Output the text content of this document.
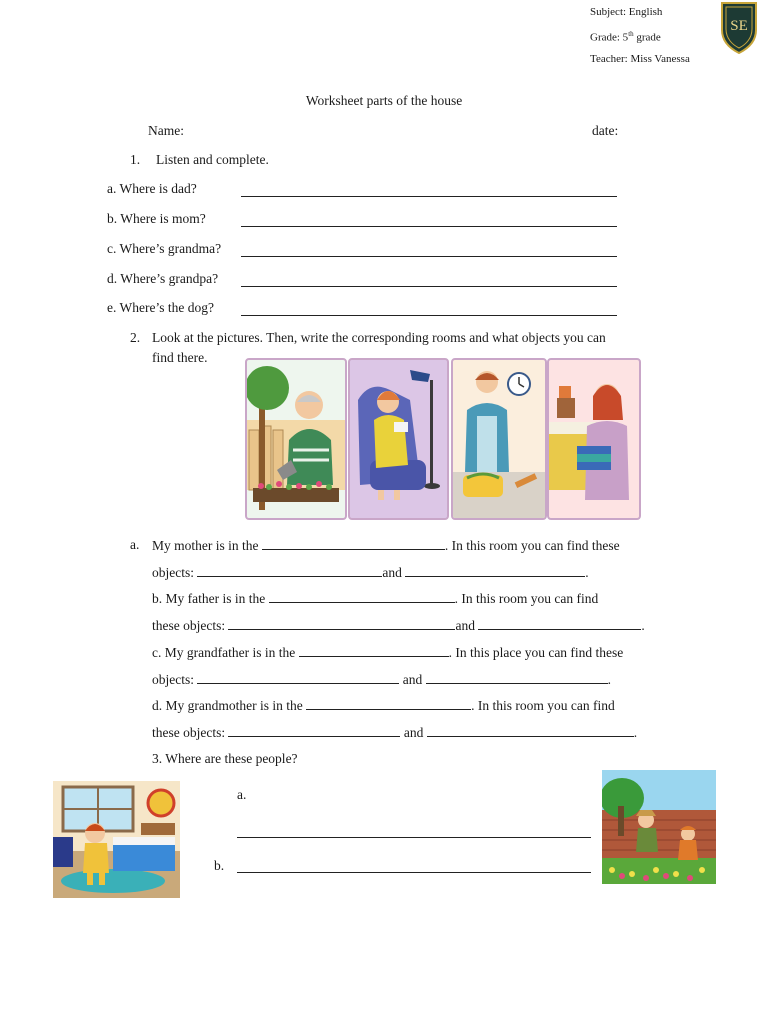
Subject: English
Grade: 5th grade
Teacher: Miss Vanessa
SE
Worksheet parts of the house
Name:	date:
1. Listen and complete.
a. Where is dad?
b. Where is mom?
c. Where’s grandma?
d. Where’s grandpa?
e. Where’s the dog?
2. Look at the pictures. Then, write the corresponding rooms and what objects you can
find there.
a. My mother is in the	. In this room you can find these
objects:	and	.
b. My father is in the	. In this room you can find
these objects:	and	.
c. My grandfather is in the	. In this place you can find these
objects:	and	.
d. My grandmother is in the	. In this room you can find
these objects:	and	.
3. Where are these people?
a.
b.
